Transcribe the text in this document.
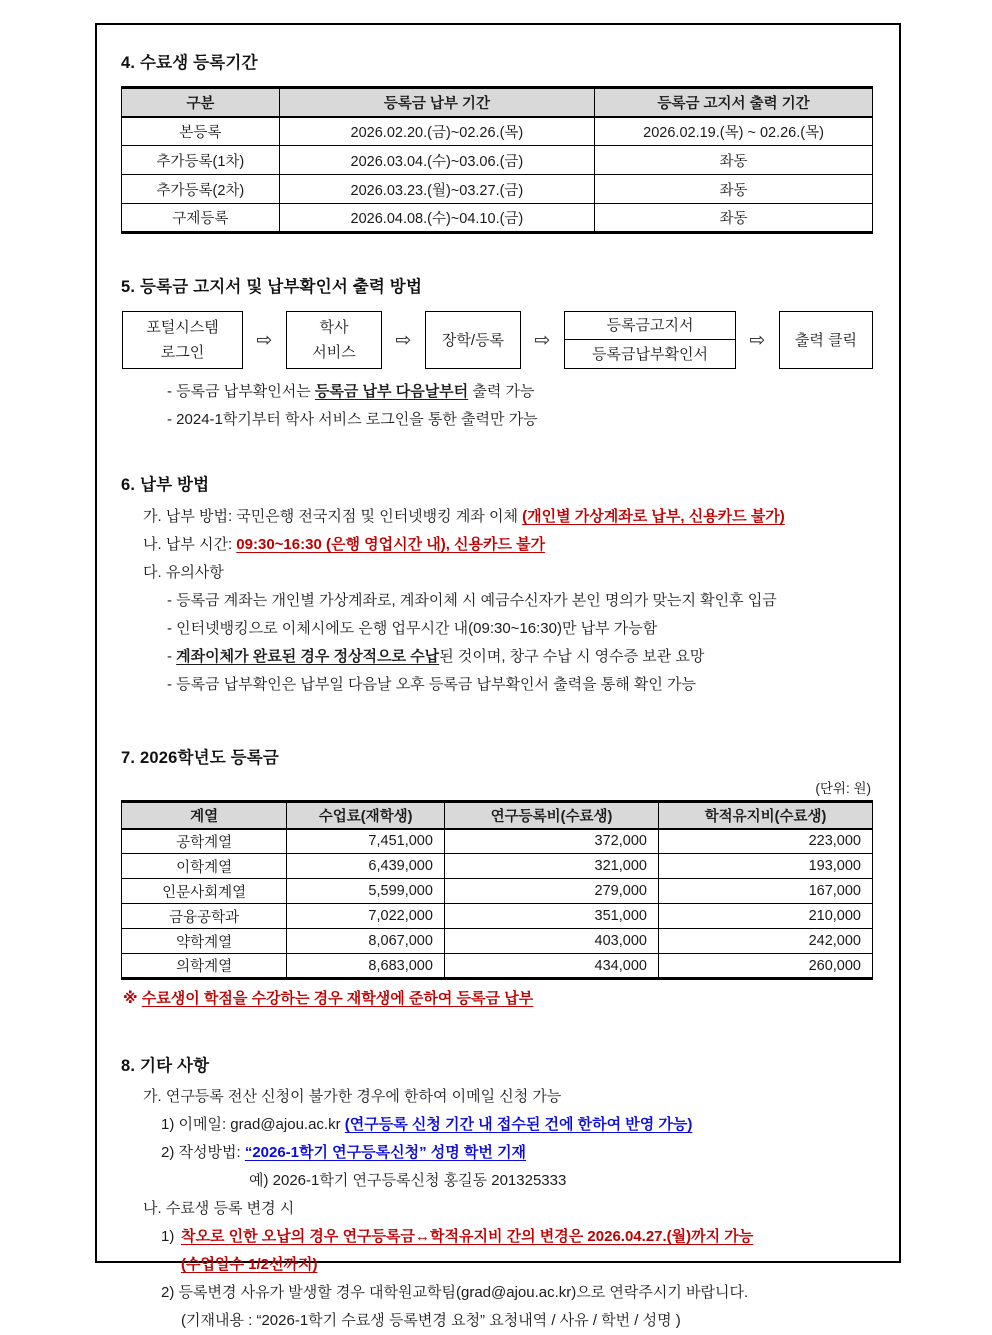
4. 수료생 등록기간
구분	등록금 납부 기간	등록금 고지서 출력 기간
본등록	2026.02.20.(금)~02.26.(목)	2026.02.19.(목) ~ 02.26.(목)
추가등록(1차)	2026.03.04.(수)~03.06.(금)	좌동
추가등록(2차)	2026.03.23.(월)~03.27.(금)	좌동
구제등록	2026.04.08.(수)~04.10.(금)	좌동
5. 등록금 고지서 및 납부확인서 출력 방법
포털시스템
로그인
⇨
학사
서비스
⇨	장학/등록	⇨
등록금고지서
등록금납부확인서
⇨	출력 클릭
- 등록금 납부확인서는 등록금 납부 다음날부터 출력 가능
- 2024-1학기부터 학사 서비스 로그인을 통한 출력만 가능
6. 납부 방법
가. 납부 방법: 국민은행 전국지점 및 인터넷뱅킹 계좌 이체 (개인별 가상계좌로 납부, 신용카드 불가)
나. 납부 시간: 09:30~16:30 (은행 영업시간 내), 신용카드 불가
다. 유의사항
- 등록금 계좌는 개인별 가상계좌로, 계좌이체 시 예금수신자가 본인 명의가 맞는지 확인후 입금
- 인터넷뱅킹으로 이체시에도 은행 업무시간 내(09:30~16:30)만 납부 가능함
- 계좌이체가 완료된 경우 정상적으로 수납된 것이며, 창구 수납 시 영수증 보관 요망
- 등록금 납부확인은 납부일 다음날 오후 등록금 납부확인서 출력을 통해 확인 가능
7. 2026학년도 등록금
(단위: 원)
계열	수업료(재학생)	연구등록비(수료생)	학적유지비(수료생)
공학계열	7,451,000	372,000	223,000
이학계열	6,439,000	321,000	193,000
인문사회계열	5,599,000	279,000	167,000
금융공학과	7,022,000	351,000	210,000
약학계열	8,067,000	403,000	242,000
의학계열	8,683,000	434,000	260,000
※ 수료생이 학점을 수강하는 경우 재학생에 준하여 등록금 납부
8. 기타 사항
가. 연구등록 전산 신청이 불가한 경우에 한하여 이메일 신청 가능
1) 이메일: grad@ajou.ac.kr (연구등록 신청 기간 내 접수된 건에 한하여 반영 가능)
2) 작성방법: “2026-1학기 연구등록신청” 성명 학번 기재
예) 2026-1학기 연구등록신청 홍길동 201325333
나. 수료생 등록 변경 시
1) 착오로 인한 오납의 경우 연구등록금↔학적유지비 간의 변경은 2026.04.27.(월)까지 가능
(수업일수 1/2선까지)
2) 등록변경 사유가 발생할 경우 대학원교학팀(grad@ajou.ac.kr)으로 연락주시기 바랍니다.
(기재내용 : “2026-1학기 수료생 등록변경 요청” 요청내역 / 사유 / 학번 / 성명 )
